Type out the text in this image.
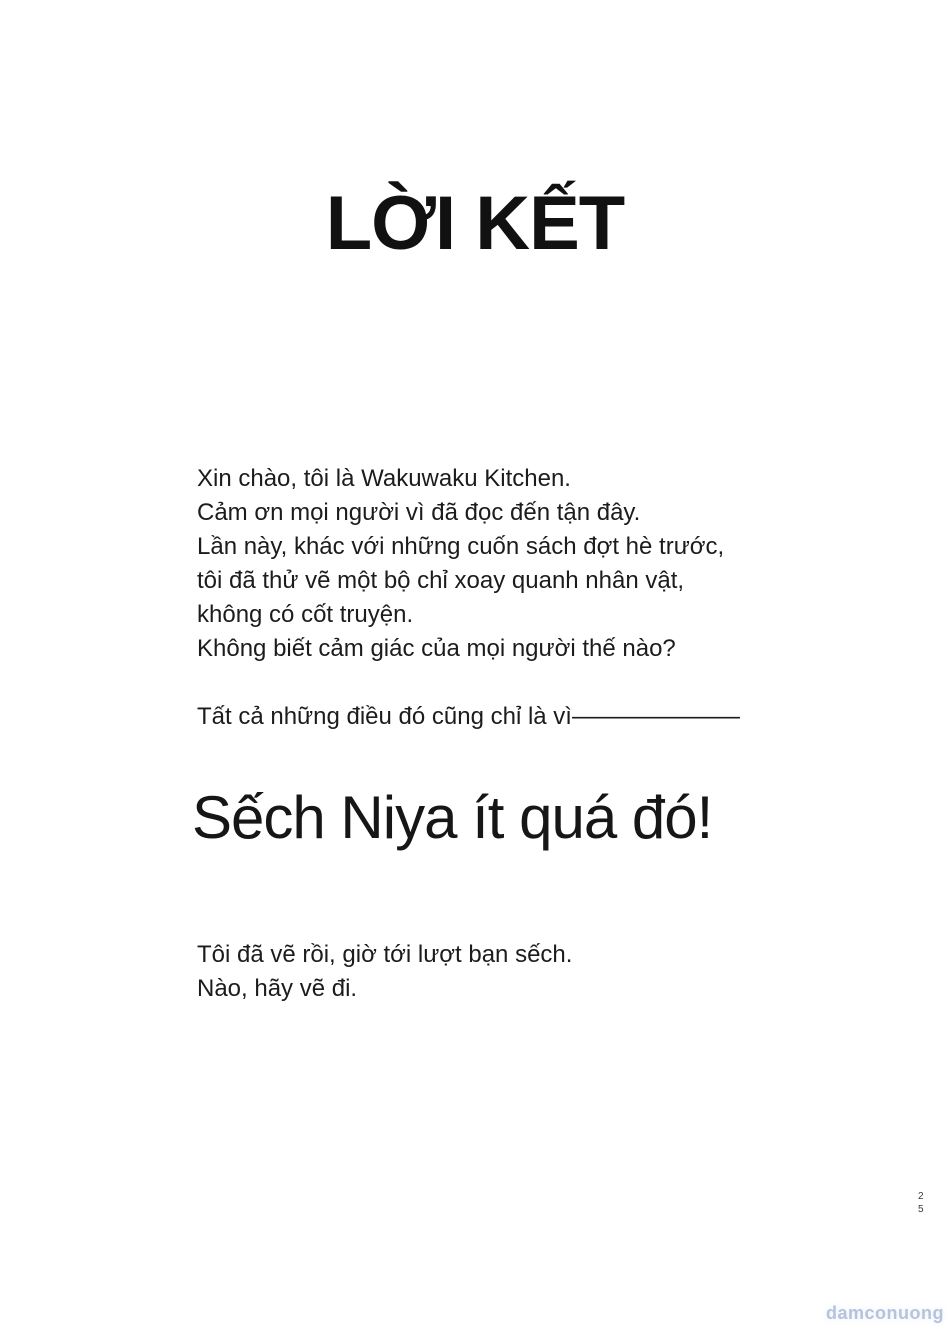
LỜI KẾT
Xin chào, tôi là Wakuwaku Kitchen.
Cảm ơn mọi người vì đã đọc đến tận đây.
Lần này, khác với những cuốn sách đợt hè trước,
tôi đã thử vẽ một bộ chỉ xoay quanh nhân vật,
không có cốt truyện.
Không biết cảm giác của mọi người thế nào?
Tất cả những điều đó cũng chỉ là vì———————
Sếch Niya ít quá đó!
Tôi đã vẽ rồi, giờ tới lượt bạn sếch.
Nào, hãy vẽ đi.
2
5
damconuong
